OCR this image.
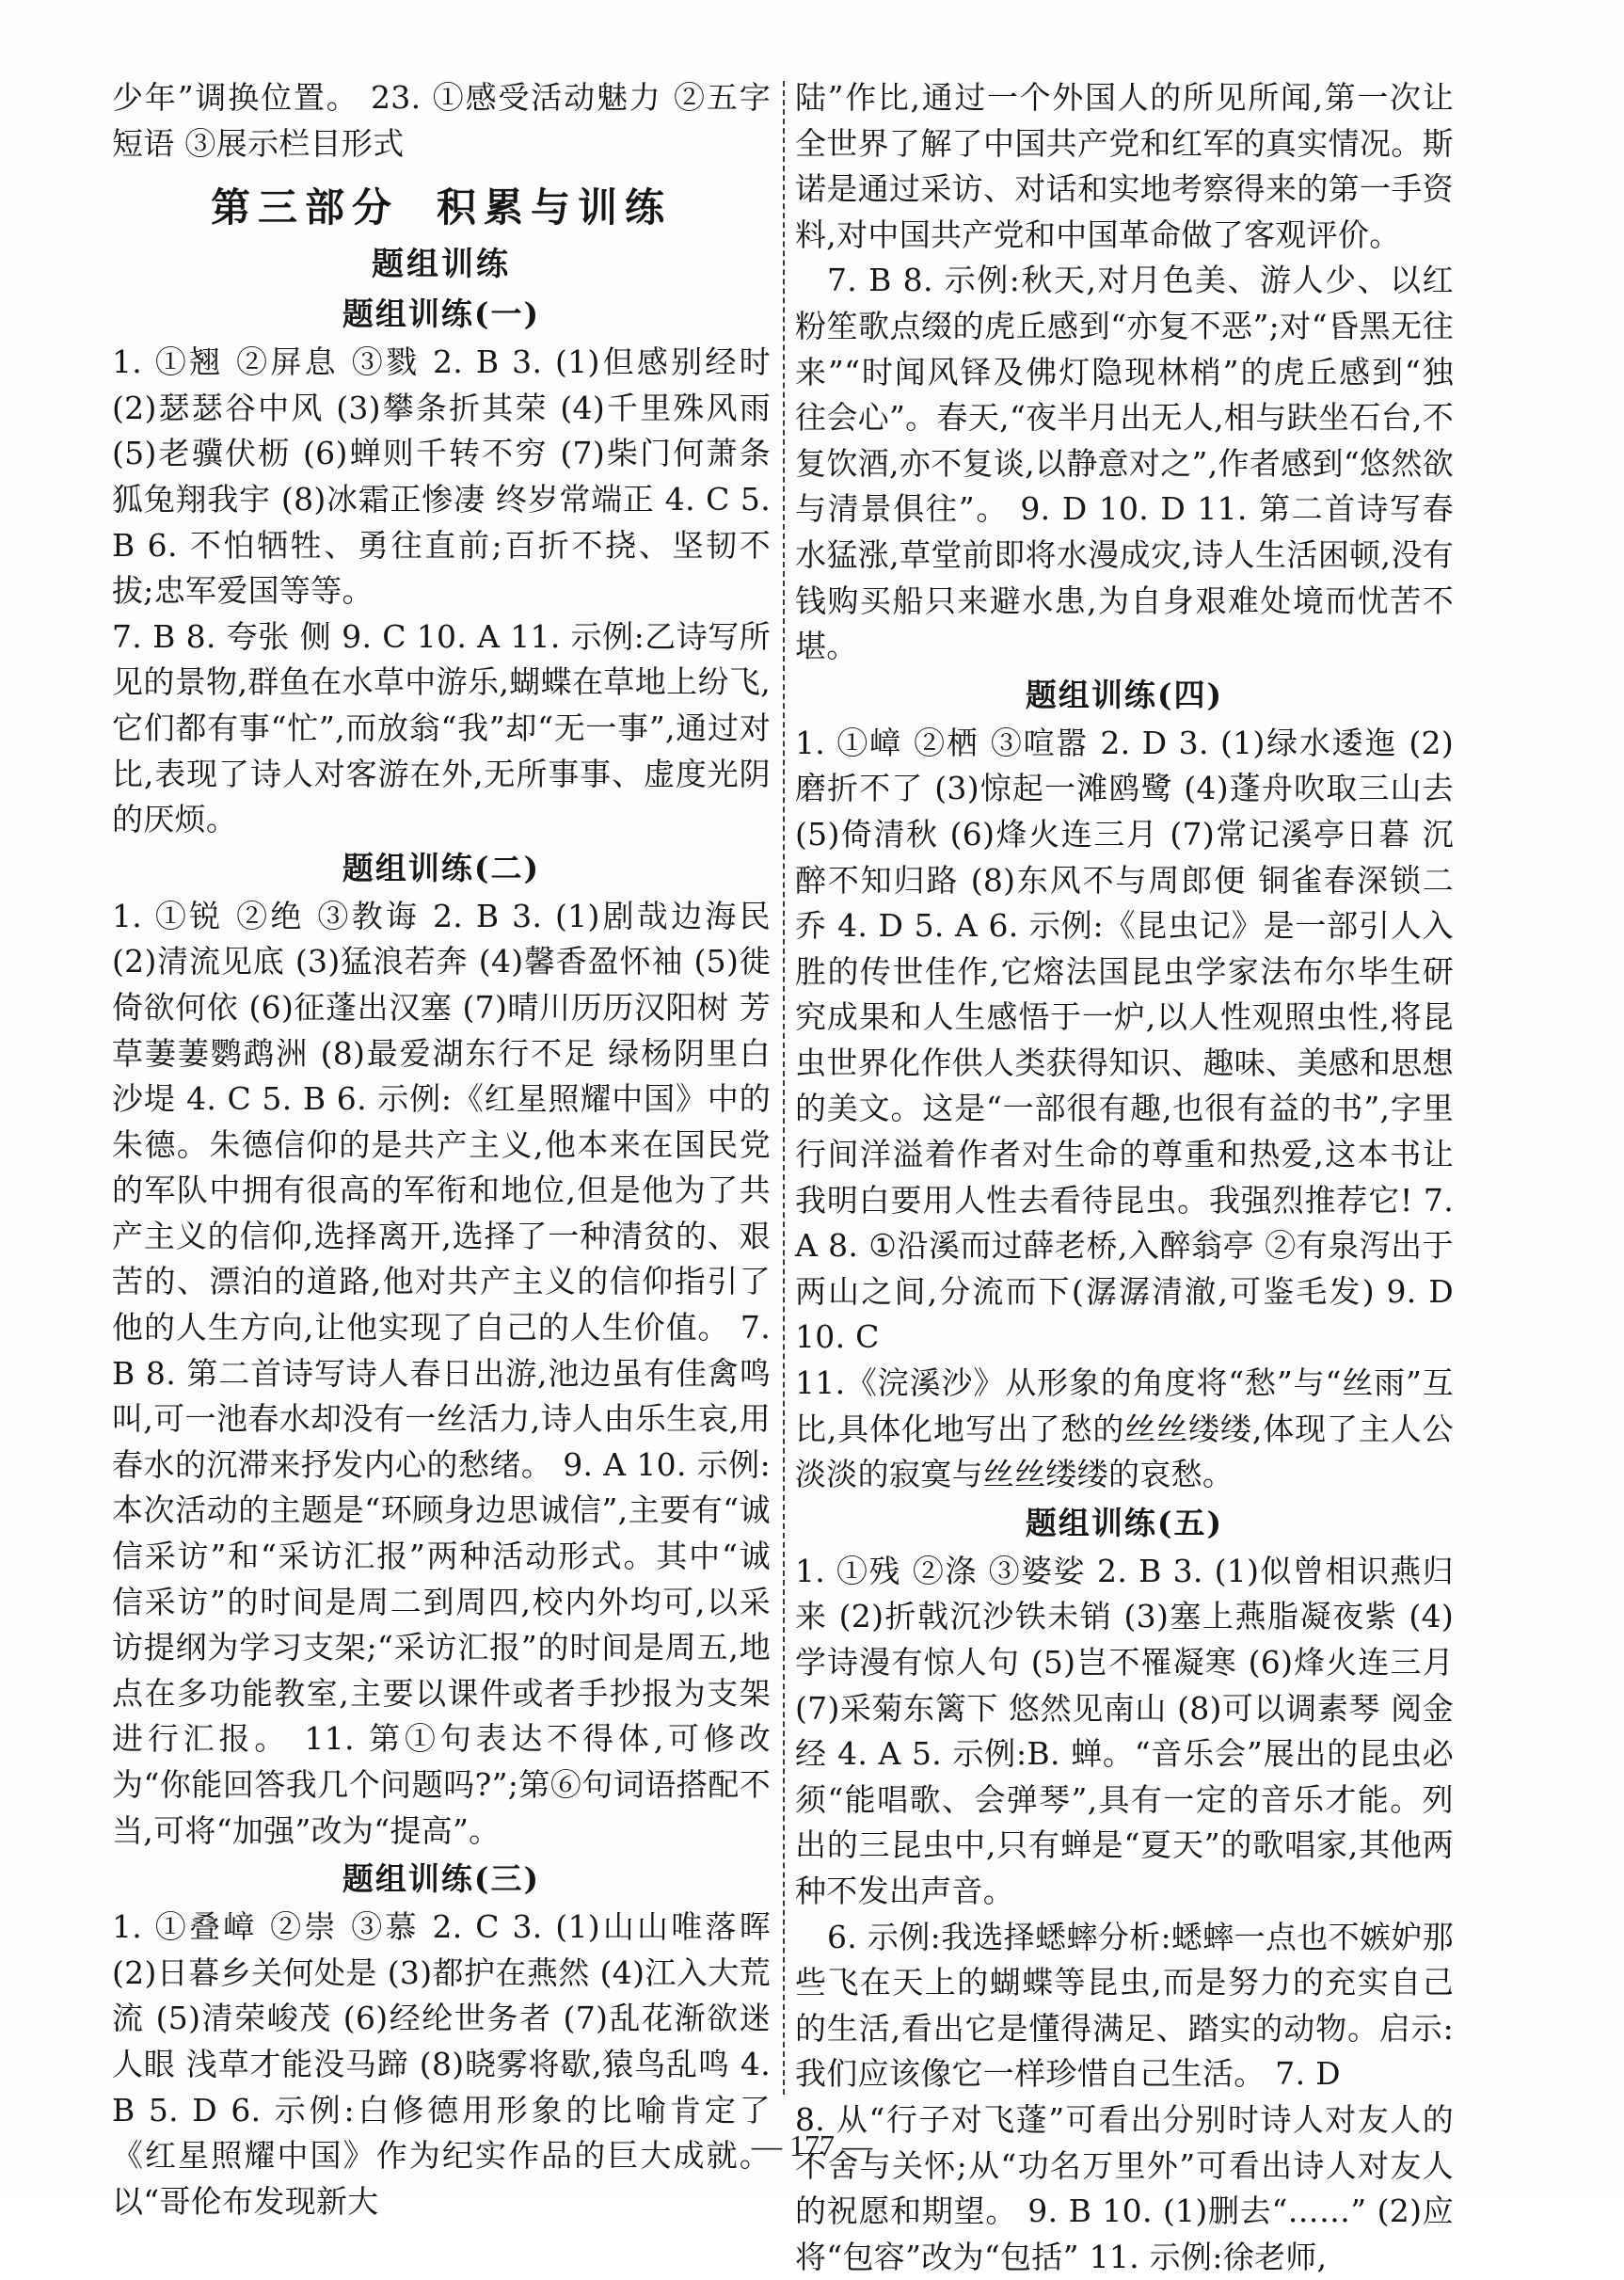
少年”调换位置。 23. ①感受活动魅力 ②五字短语 ③展示栏目形式

第三部分 积累与训练
题组训练
题组训练(一)

1. ①翘 ②屏息 ③戮 2. B 3. (1)但感别经时 (2)瑟瑟谷中风 (3)攀条折其荣 (4)千里殊风雨 (5)老骥伏枥 (6)蝉则千转不穷 (7)柴门何萧条 狐兔翔我宇 (8)冰霜正惨凄 终岁常端正 4. C 5. B 6. 不怕牺牲、勇往直前;百折不挠、坚韧不拔;忠军爱国等等。

7. B 8. 夸张 侧 9. C 10. A 11. 示例:乙诗写所见的景物,群鱼在水草中游乐,蝴蝶在草地上纷飞,它们都有事“忙”,而放翁“我”却“无一事”,通过对比,表现了诗人对客游在外,无所事事、虚度光阴的厌烦。

题组训练(二)

1. ①锐 ②绝 ③教诲 2. B 3. (1)剧哉边海民 (2)清流见底 (3)猛浪若奔 (4)馨香盈怀袖 (5)徙倚欲何依 (6)征蓬出汉塞 (7)晴川历历汉阳树 芳草萋萋鹦鹉洲 (8)最爱湖东行不足 绿杨阴里白沙堤 4. C 5. B 6. 示例:《红星照耀中国》中的朱德。朱德信仰的是共产主义,他本来在国民党的军队中拥有很高的军衔和地位,但是他为了共产主义的信仰,选择离开,选择了一种清贫的、艰苦的、漂泊的道路,他对共产主义的信仰指引了他的人生方向,让他实现了自己的人生价值。 7. B 8. 第二首诗写诗人春日出游,池边虽有佳禽鸣叫,可一池春水却没有一丝活力,诗人由乐生哀,用春水的沉滞来抒发内心的愁绪。 9. A 10. 示例:本次活动的主题是“环顾身边思诚信”,主要有“诚信采访”和“采访汇报”两种活动形式。其中“诚信采访”的时间是周二到周四,校内外均可,以采访提纲为学习支架;“采访汇报”的时间是周五,地点在多功能教室,主要以课件或者手抄报为支架进行汇报。 11. 第①句表达不得体,可修改为“你能回答我几个问题吗?”;第⑥句词语搭配不当,可将“加强”改为“提高”。

题组训练(三)

1. ①叠嶂 ②崇 ③慕 2. C 3. (1)山山唯落晖 (2)日暮乡关何处是 (3)都护在燕然 (4)江入大荒流 (5)清荣峻茂 (6)经纶世务者 (7)乱花渐欲迷人眼 浅草才能没马蹄 (8)晓雾将歇,猿鸟乱鸣 4. B 5. D 6. 示例:白修德用形象的比喻肯定了《红星照耀中国》作为纪实作品的巨大成就。以“哥伦布发现新大

陆”作比,通过一个外国人的所见所闻,第一次让全世界了解了中国共产党和红军的真实情况。斯诺是通过采访、对话和实地考察得来的第一手资料,对中国共产党和中国革命做了客观评价。

7. B 8. 示例:秋天,对月色美、游人少、以红粉笙歌点缀的虎丘感到“亦复不恶”;对“昏黑无往来”“时闻风铎及佛灯隐现林梢”的虎丘感到“独往会心”。春天,“夜半月出无人,相与趺坐石台,不复饮酒,亦不复谈,以静意对之”,作者感到“悠然欲与清景俱往”。 9. D 10. D 11. 第二首诗写春水猛涨,草堂前即将水漫成灾,诗人生活困顿,没有钱购买船只来避水患,为自身艰难处境而忧苦不堪。

题组训练(四)

1. ①嶂 ②栖 ③喧嚣 2. D 3. (1)绿水逶迤 (2)磨折不了 (3)惊起一滩鸥鹭 (4)蓬舟吹取三山去 (5)倚清秋 (6)烽火连三月 (7)常记溪亭日暮 沉醉不知归路 (8)东风不与周郎便 铜雀春深锁二乔 4. D 5. A 6. 示例:《昆虫记》是一部引人入胜的传世佳作,它熔法国昆虫学家法布尔毕生研究成果和人生感悟于一炉,以人性观照虫性,将昆虫世界化作供人类获得知识、趣味、美感和思想的美文。这是“一部很有趣,也很有益的书”,字里行间洋溢着作者对生命的尊重和热爱,这本书让我明白要用人性去看待昆虫。我强烈推荐它! 7. A 8. ①沿溪而过薛老桥,入醉翁亭 ②有泉泻出于两山之间,分流而下(潺潺清澈,可鉴毛发) 9. D 10. C

11.《浣溪沙》从形象的角度将“愁”与“丝雨”互比,具体化地写出了愁的丝丝缕缕,体现了主人公淡淡的寂寞与丝丝缕缕的哀愁。

题组训练(五)

1. ①残 ②涤 ③婆娑 2. B 3. (1)似曾相识燕归来 (2)折戟沉沙铁未销 (3)塞上燕脂凝夜紫 (4)学诗漫有惊人句 (5)岂不罹凝寒 (6)烽火连三月 (7)采菊东篱下 悠然见南山 (8)可以调素琴 阅金经 4. A 5. 示例:B. 蝉。“音乐会”展出的昆虫必须“能唱歌、会弹琴”,具有一定的音乐才能。列出的三昆虫中,只有蝉是“夏天”的歌唱家,其他两种不发出声音。

6. 示例:我选择蟋蟀分析:蟋蟀一点也不嫉妒那些飞在天上的蝴蝶等昆虫,而是努力的充实自己的生活,看出它是懂得满足、踏实的动物。启示:我们应该像它一样珍惜自己生活。 7. D

8. 从“行子对飞蓬”可看出分别时诗人对友人的不舍与关怀;从“功名万里外”可看出诗人对友人的祝愿和期望。 9. B 10. (1)删去“……” (2)应将“包容”改为“包括” 11. 示例:徐老师,

— 177 —
